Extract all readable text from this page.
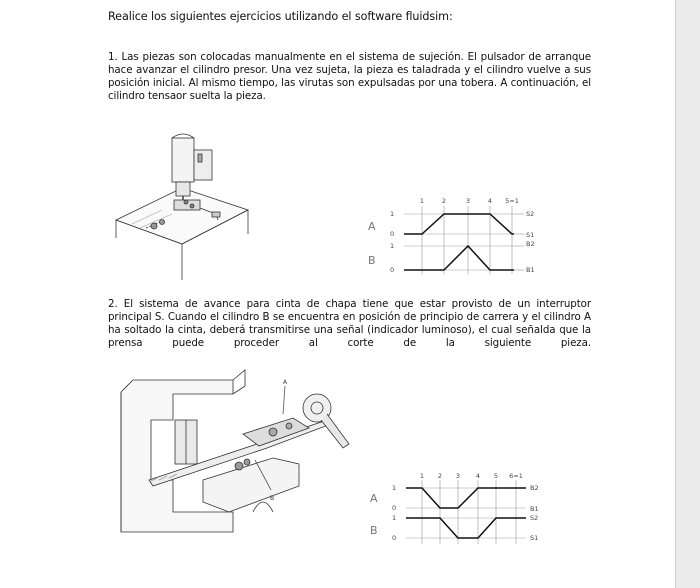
Realice los siguientes ejercicios utilizando el software fluidsim:
1. Las piezas son colocadas manualmente en el sistema de sujeción. El pulsador de arranque hace avanzar el cilindro presor. Una vez sujeta, la pieza es taladrada y el cilindro vuelve a sus posición inicial. Al mismo tiempo, las virutas son expulsadas por una tobera. A continuación, el cilindro tensaor suelta la pieza.
1	2	3	4 5=1
1
0
1
0
S2
S1
B2
B1
A
B
2. El sistema de avance para cinta de chapa tiene que estar provisto de un interruptor principal S. Cuando el cilindro B se encuentra en posición de principio de carrera y el cilindro A ha soltado la cinta, deberá transmitirse una señal (indicador luminoso), el cual señalda que la prensa puede proceder al corte de la siguiente pieza.
A
B
1 2 3 4 5 6=1
1
0
1
0
B2
B1
S2
S1
A
B
